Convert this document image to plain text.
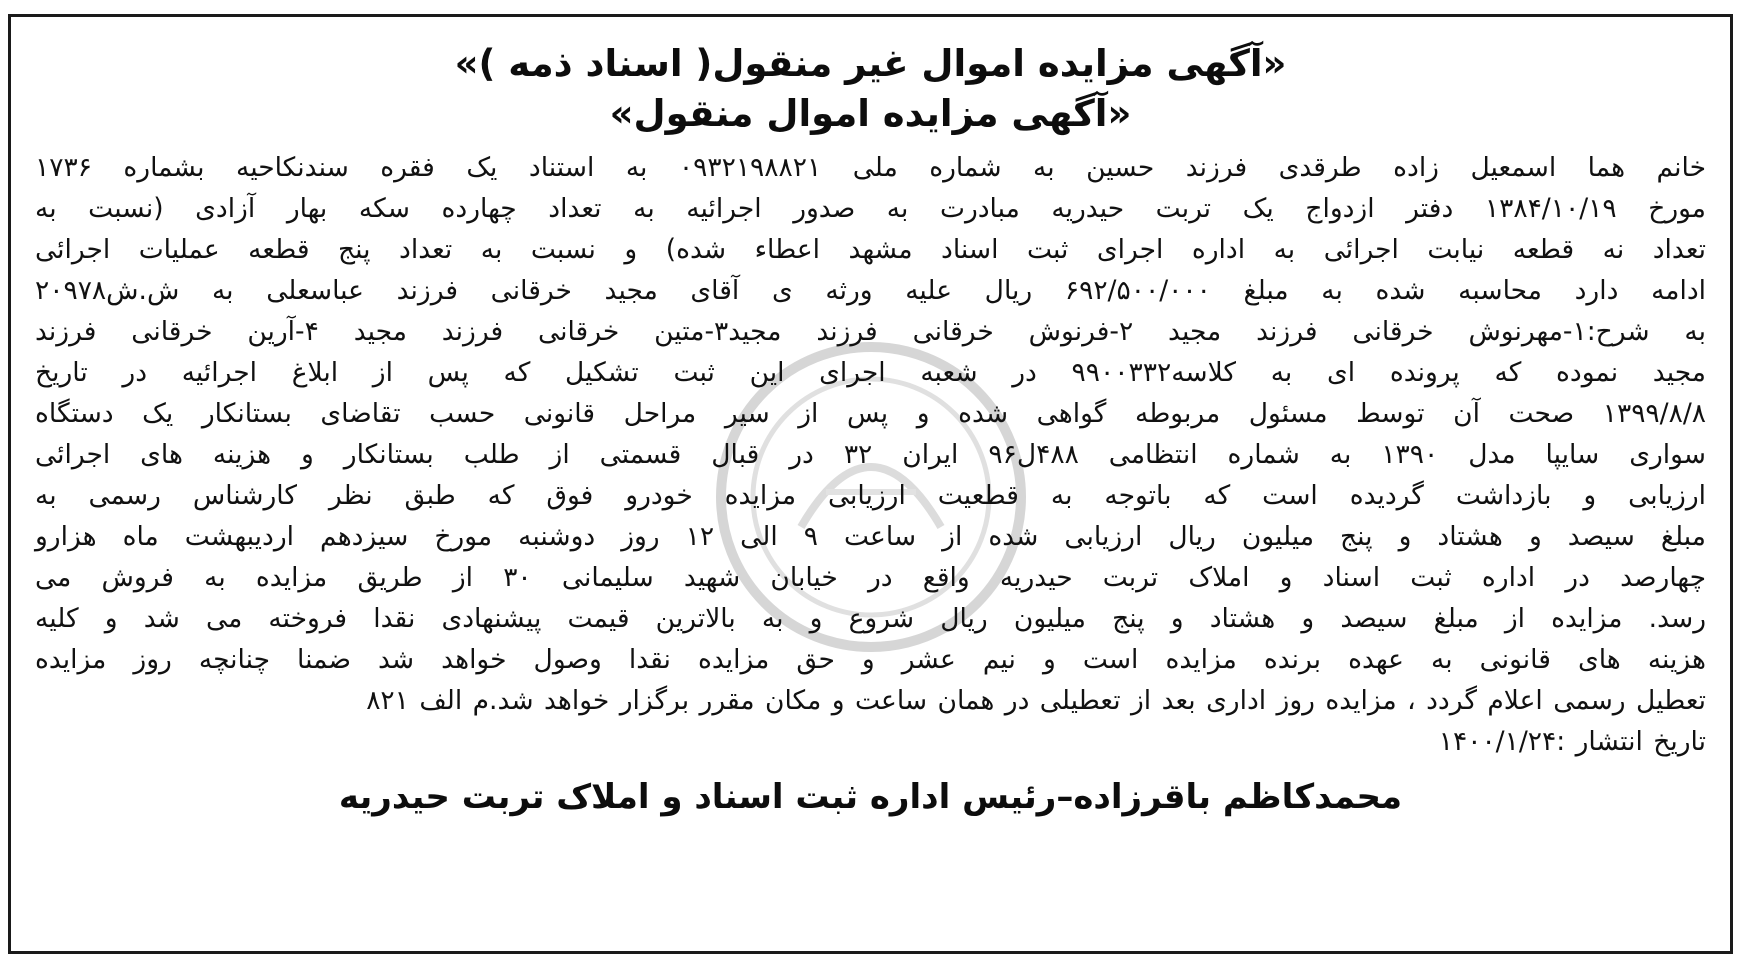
«آگهی مزایده اموال غیر منقول( اسناد ذمه )»
«آگهی مزایده اموال منقول»
خانم هما اسمعیل زاده طرقدی فرزند حسین به شماره ملی ۰۹۳۲۱۹۸۸۲۱ به استناد یک فقره سندنکاحیه بشماره ۱۷۳۶
مورخ ۱۳۸۴/۱۰/۱۹ دفتر ازدواج یک تربت حیدریه مبادرت به صدور اجرائیه به تعداد چهارده سکه بهار آزادی (نسبت به
تعداد نه قطعه نیابت اجرائی به اداره اجرای ثبت اسناد مشهد اعطاء شده) و نسبت به تعداد پنج قطعه عملیات اجرائی
ادامه دارد محاسبه شده به مبلغ ۶۹۲/۵۰۰/۰۰۰ ریال علیه ورثه ی آقای مجید خرقانی فرزند عباسعلی به ش.ش۲۰۹۷۸
به شرح:۱-مهرنوش خرقانی فرزند مجید ۲-فرنوش خرقانی فرزند مجید۳-متین خرقانی فرزند مجید ۴-آرین خرقانی فرزند
مجید نموده که پرونده ای به کلاسه۹۹۰۰۳۳۲ در شعبه اجرای این ثبت تشکیل که پس از ابلاغ اجرائیه در تاریخ
۱۳۹۹/۸/۸ صحت آن توسط مسئول مربوطه گواهی شده و پس از سیر مراحل قانونی حسب تقاضای بستانکار یک دستگاه
سواری سایپا مدل ۱۳۹۰ به شماره انتظامی ۴۸۸ل۹۶ ایران ۳۲ در قبال قسمتی از طلب بستانکار و هزینه های اجرائی
ارزیابی و بازداشت گردیده است که باتوجه به قطعیت ارزیابی مزایده خودرو فوق که طبق نظر کارشناس رسمی به
مبلغ سیصد و هشتاد و پنج میلیون ریال ارزیابی شده از ساعت ۹ الی ۱۲ روز دوشنبه مورخ سیزدهم اردیبهشت ماه هزارو
چهارصد در اداره ثبت اسناد و املاک تربت حیدریه واقع در خیابان شهید سلیمانی ۳۰ از طریق مزایده به فروش می
رسد. مزایده از مبلغ سیصد و هشتاد و پنج میلیون ریال شروع و به بالاترین قیمت پیشنهادی نقدا فروخته می شد و کلیه
هزینه های قانونی به عهده برنده مزایده است و نیم عشر و حق مزایده نقدا وصول خواهد شد ضمنا چنانچه روز مزایده
تعطیل رسمی اعلام گردد ، مزایده روز اداری بعد از تعطیلی در همان ساعت و مکان مقرر برگزار خواهد شد.م الف ۸۲۱
تاریخ انتشار :۱۴۰۰/۱/۲۴
محمدکاظم باقرزاده–رئیس اداره ثبت اسناد و املاک تربت حیدریه
